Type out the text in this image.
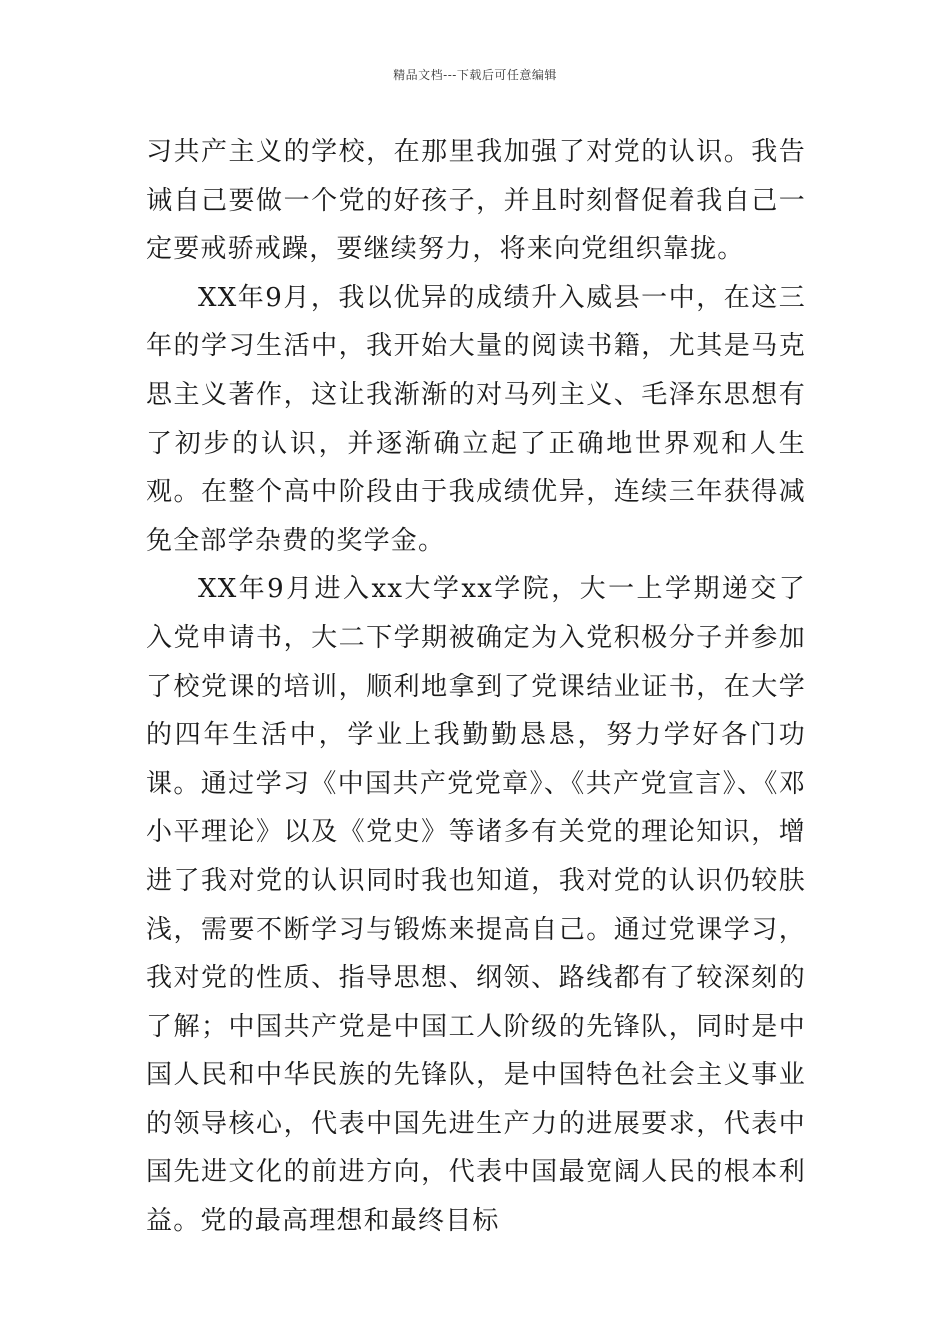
精品文档---下载后可任意编辑

习共产主义的学校，在那里我加强了对党的认识。我告诫自己要做一个党的好孩子，并且时刻督促着我自己一定要戒骄戒躁，要继续努力，将来向党组织靠拢。

XX年9月，我以优异的成绩升入威县一中，在这三年的学习生活中，我开始大量的阅读书籍，尤其是马克思主义著作，这让我渐渐的对马列主义、毛泽东思想有了初步的认识，并逐渐确立起了正确地世界观和人生观。在整个高中阶段由于我成绩优异，连续三年获得减免全部学杂费的奖学金。

XX年9月进入xx大学xx学院，大一上学期递交了入党申请书，大二下学期被确定为入党积极分子并参加了校党课的培训，顺利地拿到了党课结业证书，在大学的四年生活中，学业上我勤勤恳恳，努力学好各门功课。通过学习《中国共产党党章》、《共产党宣言》、《邓小平理论》以及《党史》等诸多有关党的理论知识，增进了我对党的认识同时我也知道，我对党的认识仍较肤浅，需要不断学习与锻炼来提高自己。通过党课学习，我对党的性质、指导思想、纲领、路线都有了较深刻的了解；中国共产党是中国工人阶级的先锋队，同时是中国人民和中华民族的先锋队，是中国特色社会主义事业的领导核心，代表中国先进生产力的进展要求，代表中国先进文化的前进方向，代表中国最宽阔人民的根本利益。党的最高理想和最终目标
